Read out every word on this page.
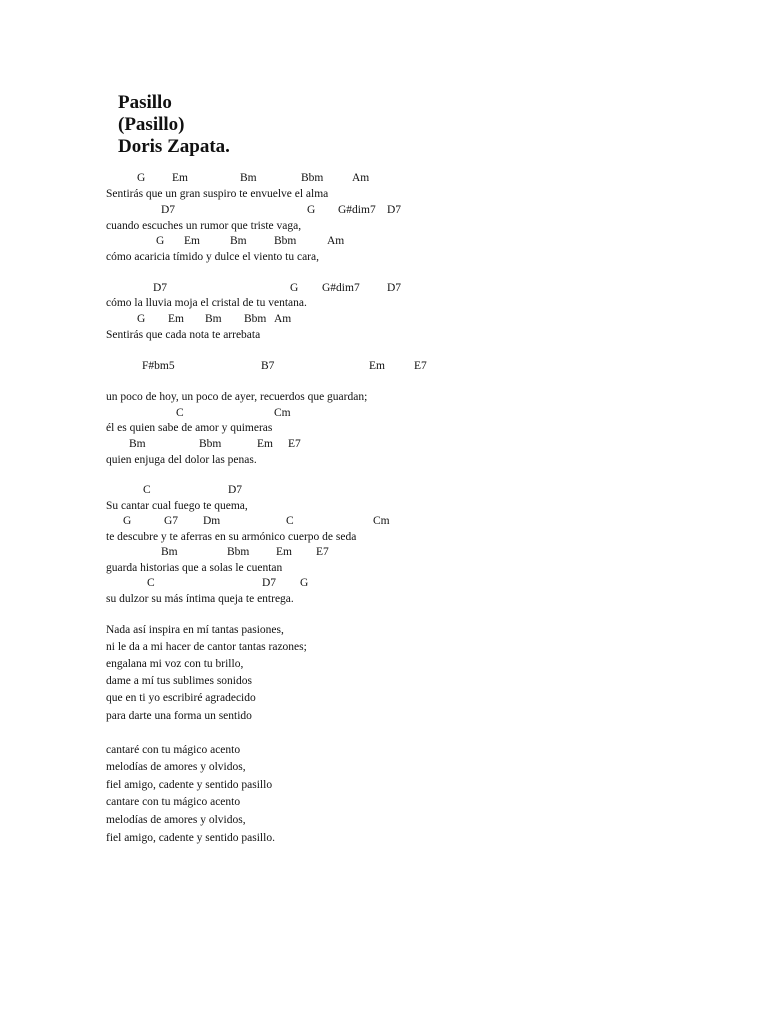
Pasillo
(Pasillo)
Doris Zapata.
G Em	Bm	Bbm Am
Sentirás que un gran suspiro te envuelve el alma
D7	G G#dim7 D7
cuando escuches un rumor que triste vaga,
G Em	Bm Bbm	Am
cómo acaricia tímido y dulce el viento tu cara,
D7	G G#dim7 D7
cómo la lluvia moja el cristal de tu ventana.
G Em Bm Bbm Am
Sentirás que cada nota te arrebata
F#bm5	B7	Em	E7
un poco de hoy, un poco de ayer, recuerdos que guardan;
C	Cm
él es quien sabe de amor y quimeras
Bm	Bbm	Em E7
quien enjuga del dolor las penas.
C	D7
Su cantar cual fuego te quema,
G	G7 Dm	C	Cm
te descubre y te aferras en su armónico cuerpo de seda
Bm	Bbm Em E7
guarda historias que a solas le cuentan
C	D7 G
su dulzor su más íntima queja te entrega.
Nada así inspira en mí tantas pasiones,
ni le da a mi hacer de cantor tantas razones;
engalana mi voz con tu brillo,
dame a mí tus sublimes sonidos
que en ti yo escribiré agradecido
para darte una forma un sentido
cantaré con tu mágico acento
melodías de amores y olvidos,
fiel amigo, cadente y sentido pasillo
cantare con tu mágico acento
melodías de amores y olvidos,
fiel amigo, cadente y sentido pasillo.
